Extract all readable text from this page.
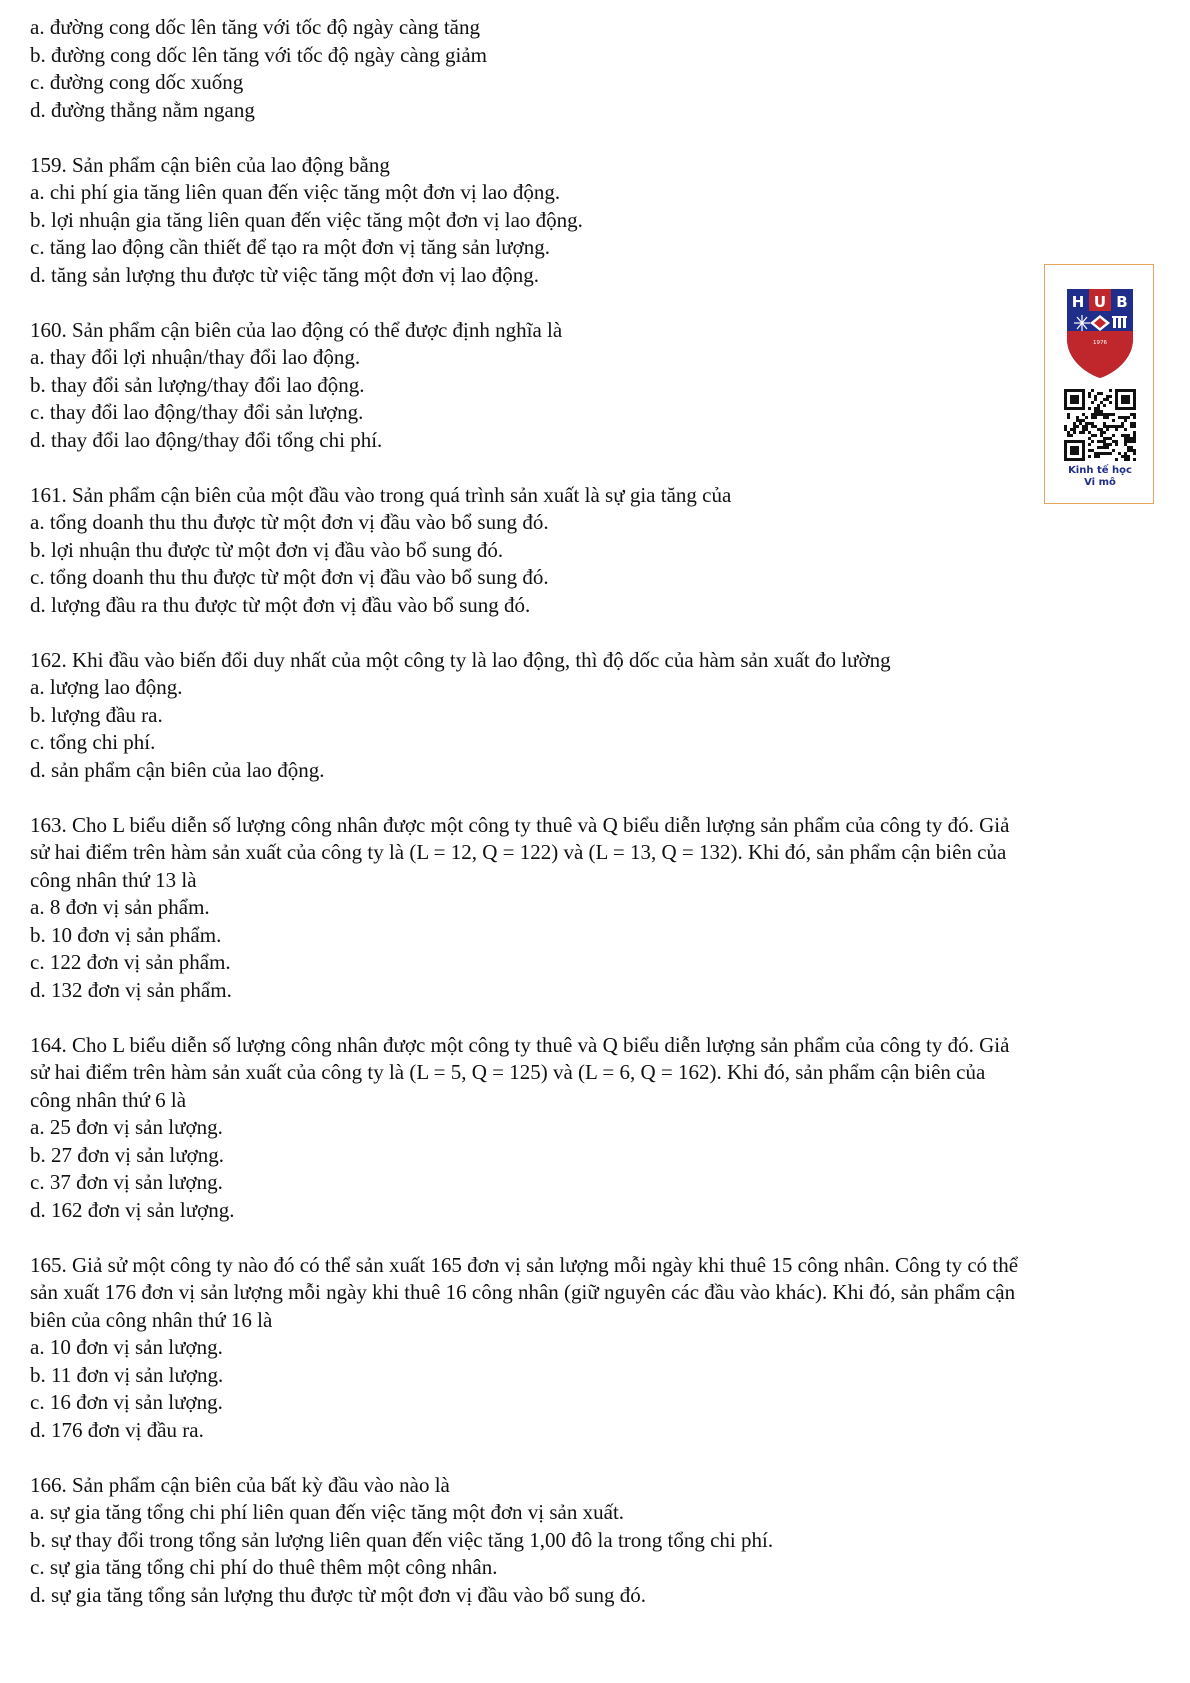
a. đường cong dốc lên tăng với tốc độ ngày càng tăng
b. đường cong dốc lên tăng với tốc độ ngày càng giảm
c. đường cong dốc xuống
d. đường thẳng nằm ngang
159. Sản phẩm cận biên của lao động bằng
a. chi phí gia tăng liên quan đến việc tăng một đơn vị lao động.
b. lợi nhuận gia tăng liên quan đến việc tăng một đơn vị lao động.
c. tăng lao động cần thiết để tạo ra một đơn vị tăng sản lượng.
d. tăng sản lượng thu được từ việc tăng một đơn vị lao động.
160. Sản phẩm cận biên của lao động có thể được định nghĩa là
a. thay đổi lợi nhuận/thay đổi lao động.
b. thay đổi sản lượng/thay đổi lao động.
c. thay đổi lao động/thay đổi sản lượng.
d. thay đổi lao động/thay đổi tổng chi phí.
161. Sản phẩm cận biên của một đầu vào trong quá trình sản xuất là sự gia tăng của
a. tổng doanh thu thu được từ một đơn vị đầu vào bổ sung đó.
b. lợi nhuận thu được từ một đơn vị đầu vào bổ sung đó.
c. tổng doanh thu thu được từ một đơn vị đầu vào bổ sung đó.
d. lượng đầu ra thu được từ một đơn vị đầu vào bổ sung đó.
162. Khi đầu vào biến đổi duy nhất của một công ty là lao động, thì độ dốc của hàm sản xuất đo lường
a. lượng lao động.
b. lượng đầu ra.
c. tổng chi phí.
d. sản phẩm cận biên của lao động.
163. Cho L biểu diễn số lượng công nhân được một công ty thuê và Q biểu diễn lượng sản phẩm của công ty đó. Giả
sử hai điểm trên hàm sản xuất của công ty là (L = 12, Q = 122) và (L = 13, Q = 132). Khi đó, sản phẩm cận biên của
công nhân thứ 13 là
a. 8 đơn vị sản phẩm.
b. 10 đơn vị sản phẩm.
c. 122 đơn vị sản phẩm.
d. 132 đơn vị sản phẩm.
164. Cho L biểu diễn số lượng công nhân được một công ty thuê và Q biểu diễn lượng sản phẩm của công ty đó. Giả
sử hai điểm trên hàm sản xuất của công ty là (L = 5, Q = 125) và (L = 6, Q = 162). Khi đó, sản phẩm cận biên của
công nhân thứ 6 là
a. 25 đơn vị sản lượng.
b. 27 đơn vị sản lượng.
c. 37 đơn vị sản lượng.
d. 162 đơn vị sản lượng.
165. Giả sử một công ty nào đó có thể sản xuất 165 đơn vị sản lượng mỗi ngày khi thuê 15 công nhân. Công ty có thể
sản xuất 176 đơn vị sản lượng mỗi ngày khi thuê 16 công nhân (giữ nguyên các đầu vào khác). Khi đó, sản phẩm cận
biên của công nhân thứ 16 là
a. 10 đơn vị sản lượng.
b. 11 đơn vị sản lượng.
c. 16 đơn vị sản lượng.
d. 176 đơn vị đầu ra.
166. Sản phẩm cận biên của bất kỳ đầu vào nào là
a. sự gia tăng tổng chi phí liên quan đến việc tăng một đơn vị sản xuất.
b. sự thay đổi trong tổng sản lượng liên quan đến việc tăng 1,00 đô la trong tổng chi phí.
c. sự gia tăng tổng chi phí do thuê thêm một công nhân.
d. sự gia tăng tổng sản lượng thu được từ một đơn vị đầu vào bổ sung đó.
H U B
1976
Kinh tế học
Vi mô
